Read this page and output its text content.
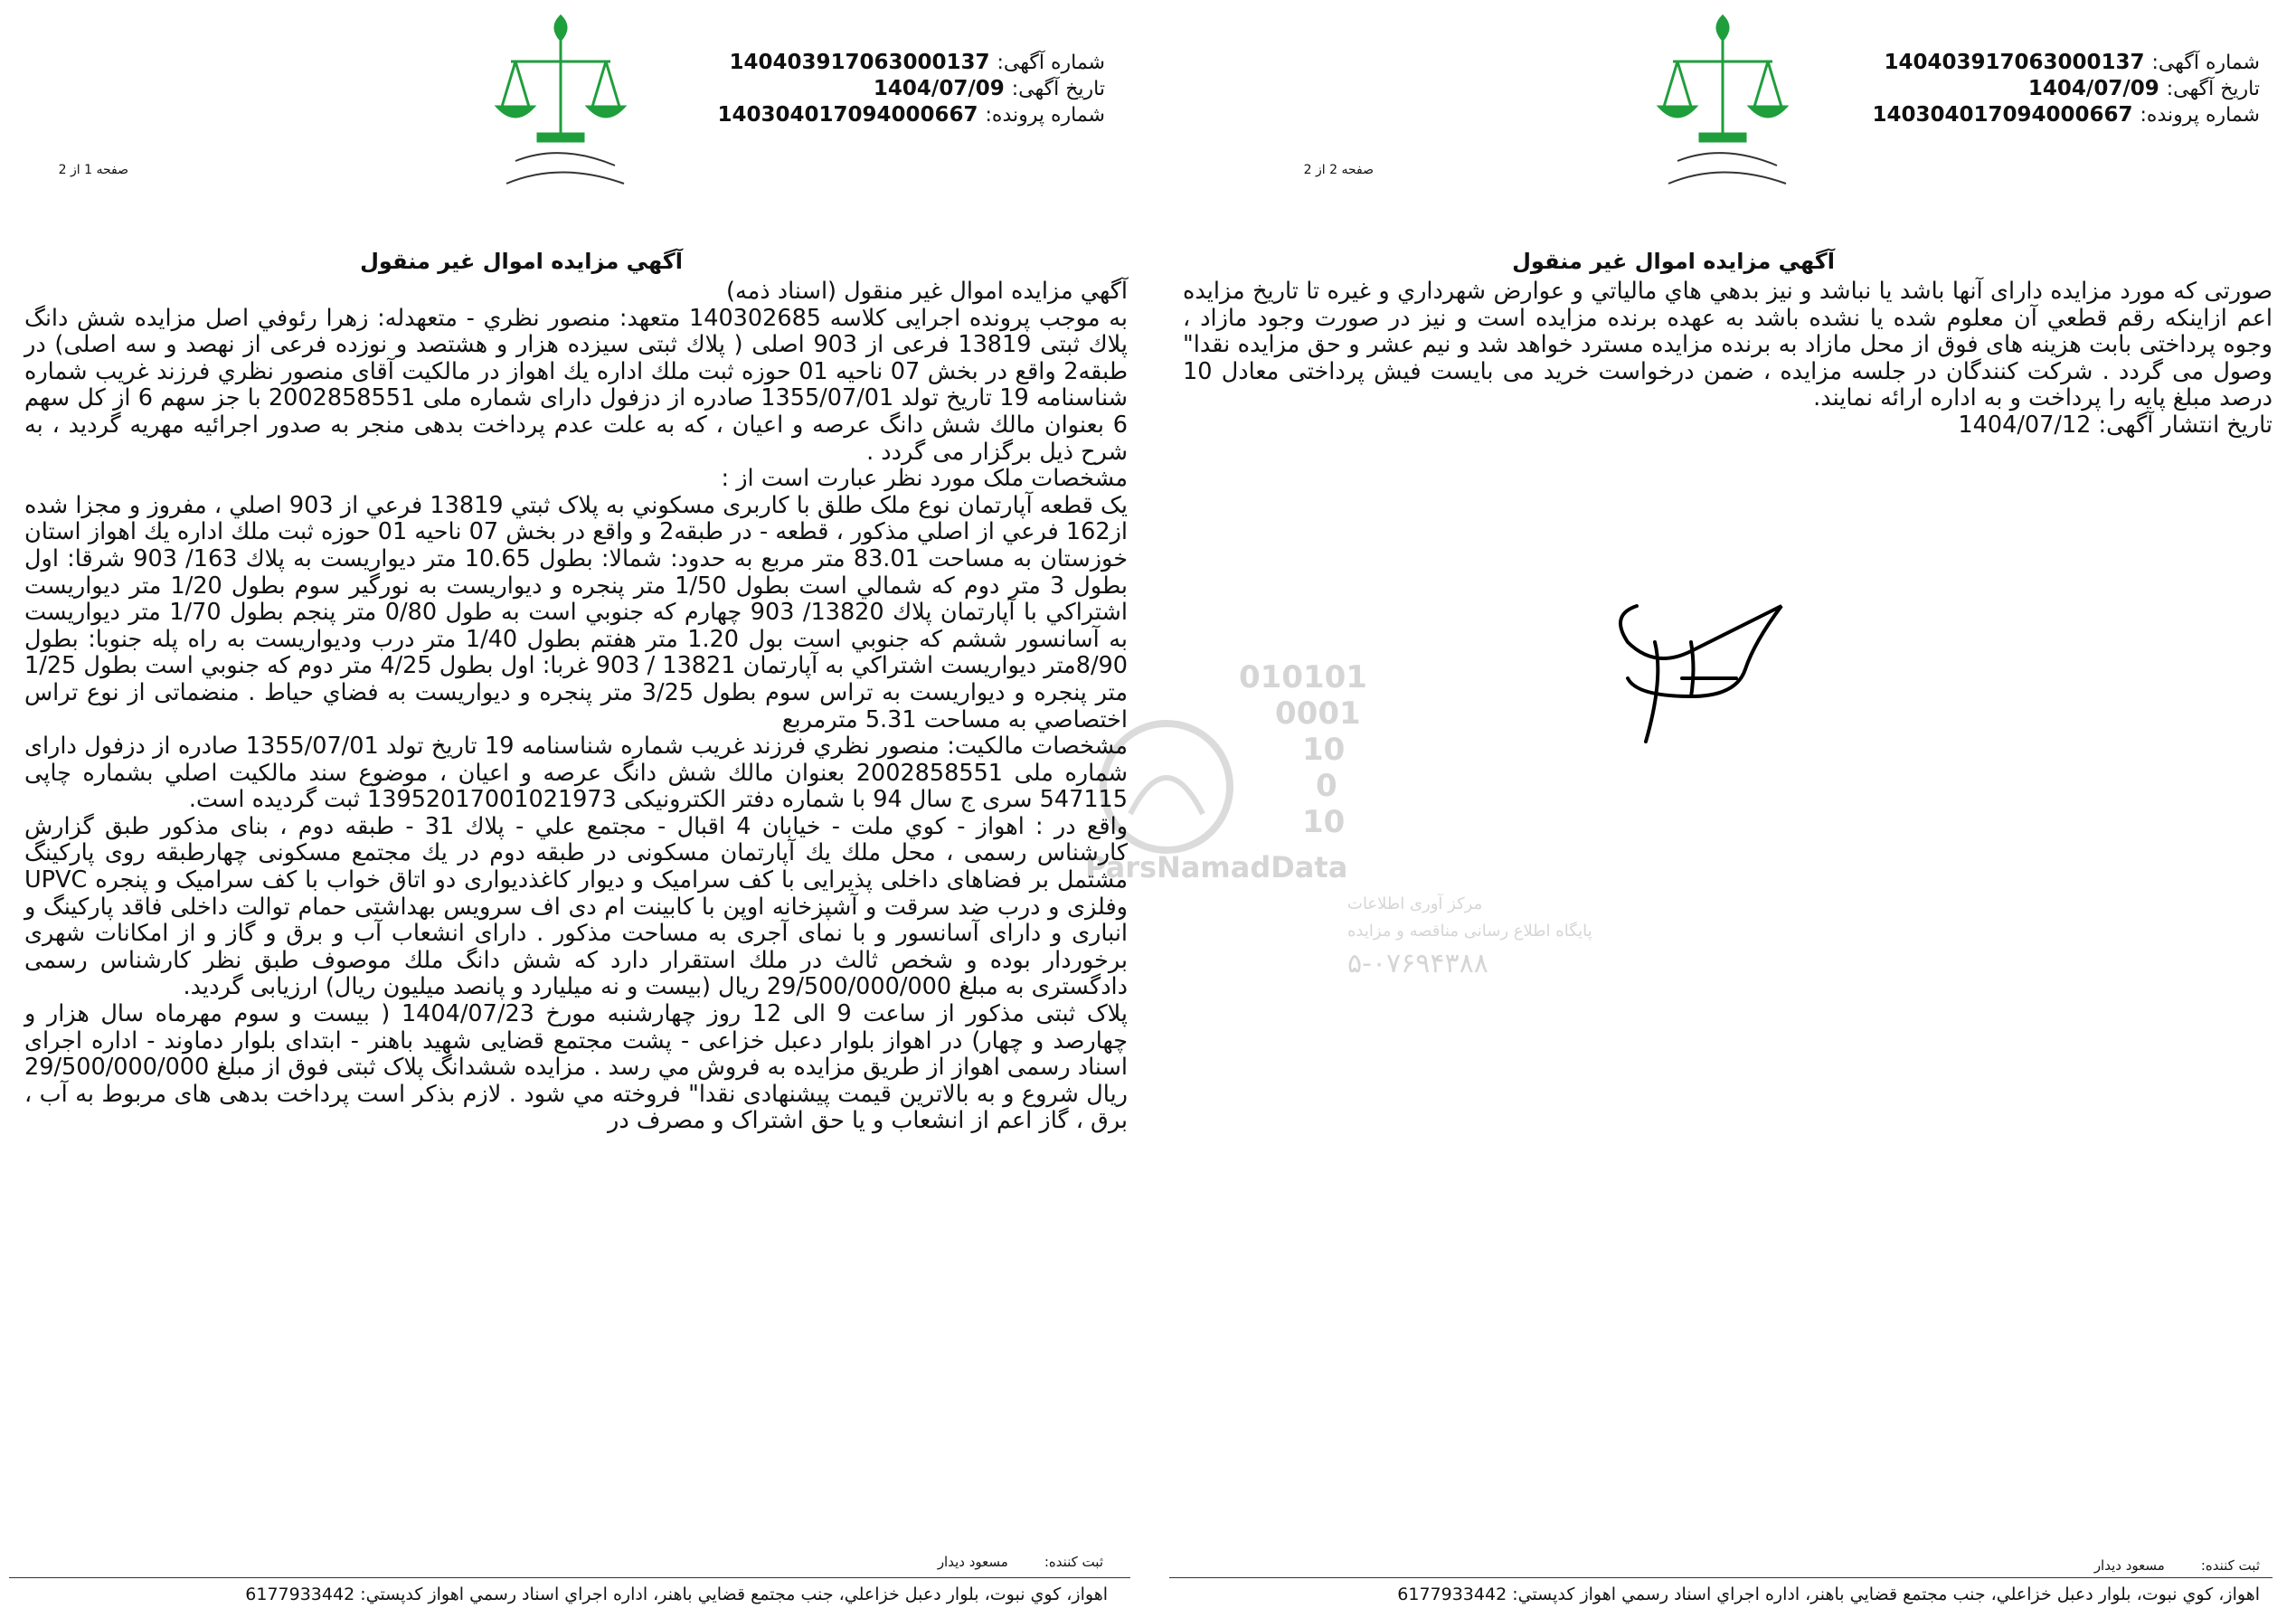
010101
0001
10
0
10
ParsNamadData
مرکز آوری اطلاعات
پایگاه اطلاع رسانی مناقصه و مزایده
۵-۰۷۶۹۴۳۸۸
شماره آگهی:140403917063000137
تاریخ آگهی:1404/07/09
شماره پرونده:140304017094000667
قوه قضاييه - سازمان ثبت اسناد و املاک کشور
صفحه 1 از 2
آگهي مزايده اموال غير منقول

آگهي مزايده اموال غير منقول (اسناد ذمه)

به موجب پرونده اجرایی کلاسه 140302685 متعهد: منصور نظري - متعهدله: زهرا رئوفي اصل مزايده شش دانگ پلاك ثبتی 13819 فرعی از 903 اصلی ( پلاك ثبتی سیزده هزار و هشتصد و نوزده فرعی از نهصد و سه اصلی) در طبقه2 واقع در بخش 07 ناحيه 01 حوزه ثبت ملك اداره يك اهواز در مالكيت آقای منصور نظري فرزند غريب شماره شناسنامه 19 تاريخ تولد 1355/07/01 صادره از دزفول دارای شماره ملی 2002858551 با جز سهم 6 از کل سهم 6 بعنوان مالك شش دانگ عرصه و اعيان ، كه به علت عدم پرداخت بدهی منجر به صدور اجرائیه مهریه گردید ، به شرح ذیل برگزار می گردد .

مشخصات ملک مورد نظر عبارت است از :

يک قطعه آپارتمان نوع ملک طلق با کاربری مسکوني به پلاک ثبتي 13819 فرعي از 903 اصلي ، مفروز و مجزا شده از162 فرعي از اصلي مذكور ، قطعه - در طبقه2 و واقع در بخش 07 ناحيه 01 حوزه ثبت ملك اداره يك اهواز استان خوزستان به مساحت 83.01 متر مربع به حدود: شمالا: بطول 10.65 متر ديواريست به پلاك 163/ 903 شرقا: اول بطول 3 متر دوم كه شمالي است بطول 1/50 متر پنجره و ديواريست به نورگير سوم بطول 1/20 متر ديواريست اشتراكي با آپارتمان پلاك 13820/ 903 چهارم كه جنوبي است به طول 0/80 متر پنجم بطول 1/70 متر ديواريست به آسانسور ششم كه جنوبي است بول 1.20 متر هفتم بطول 1/40 متر درب وديواريست به راه پله جنوبا: بطول 8/90متر ديواريست اشتراكي به آپارتمان 13821 / 903 غربا: اول بطول 4/25 متر دوم كه جنوبي است بطول 1/25 متر پنجره و ديواريست به تراس سوم بطول 3/25 متر پنجره و ديواريست به فضاي حياط . منضماتی از نوع تراس اختصاصي به مساحت 5.31 مترمربع

مشخصات مالكيت: منصور نظري فرزند غريب شماره شناسنامه 19 تاريخ تولد 1355/07/01 صادره از دزفول دارای شماره ملی 2002858551 بعنوان مالك شش دانگ عرصه و اعيان ، موضوع سند مالكيت اصلي بشماره چاپی 547115 سری ج سال 94 با شماره دفتر الكترونيكی 13952017001021973 ثبت گرديده است.

واقع در : اهواز - كوي ملت - خيابان 4 اقبال - مجتمع علي - پلاك 31 - طبقه دوم ، بنای مذكور طبق گزارش كارشناس رسمی ، محل ملك يك آپارتمان مسكونی در طبقه دوم در يك مجتمع مسكونی چهارطبقه روی پاركينگ مشتمل بر فضاهای داخلی پذيرایی با كف سراميک و ديوار كاغذديواری دو اتاق خواب با كف سراميک و پنجره UPVC وفلزی و درب ضد سرقت و آشپزخانه اوپن با كابينت ام دی اف سرويس بهداشتی حمام توالت داخلی فاقد پاركينگ و انباری و دارای آسانسور و با نمای آجری به مساحت مذكور . دارای انشعاب آب و برق و گاز و از امكانات شهری برخوردار بوده و شخص ثالث در ملك استقرار دارد كه شش دانگ ملك موصوف طبق نظر كارشناس رسمی دادگستری به مبلغ 29/500/000/000 ريال (بيست و نه ميليارد و پانصد ميليون ريال) ارزيابی گرديد.

پلاک ثبتی مذكور از ساعت 9 الی 12 روز چهارشنبه مورخ 1404/07/23 ( بيست و سوم مهرماه سال هزار و چهارصد و چهار) در اهواز بلوار دعبل خزاعی - پشت مجتمع قضايی شهيد باهنر - ابتدای بلوار دماوند - اداره اجرای اسناد رسمی اهواز از طريق مزايده به فروش مي رسد . مزايده ششدانگ پلاک ثبتی فوق از مبلغ 29/500/000/000 ريال شروع و به بالاترين قيمت پيشنهادی نقدا" فروخته مي شود . لازم بذكر است پرداخت بدهی های مربوط به آب ، برق ، گاز اعم از انشعاب و يا حق اشتراک و مصرف در

ثبت کننده:مسعود ديدار
اهواز، كوي نبوت، بلوار دعبل خزاعلي، جنب مجتمع قضايي باهنر، اداره اجراي اسناد رسمي اهواز کدپستي: 6177933442
شماره آگهی:140403917063000137
تاریخ آگهی:1404/07/09
شماره پرونده:140304017094000667
قوه قضاييه - سازمان ثبت اسناد و املاک کشور
صفحه 2 از 2
آگهي مزايده اموال غير منقول

صورتی که مورد مزايده دارای آنها باشد يا نباشد و نيز بدهي هاي مالياتي و عوارض شهرداري و غيره تا تاريخ مزايده اعم ازاينكه رقم قطعي آن معلوم شده يا نشده باشد به عهده برنده مزايده است و نيز در صورت وجود مازاد ، وجوه پرداختی بابت هزينه های فوق از محل مازاد به برنده مزايده مسترد خواهد شد و نيم عشر و حق مزايده نقدا" وصول می گردد . شركت كنندگان در جلسه مزايده ، ضمن درخواست خريد می بايست فيش پرداختی معادل 10 درصد مبلغ پايه را پرداخت و به اداره ارائه نمايند.

تاريخ انتشار آگهی: 1404/07/12

ثبت کننده:مسعود ديدار
اهواز، كوي نبوت، بلوار دعبل خزاعلي، جنب مجتمع قضايي باهنر، اداره اجراي اسناد رسمي اهواز کدپستي: 6177933442
